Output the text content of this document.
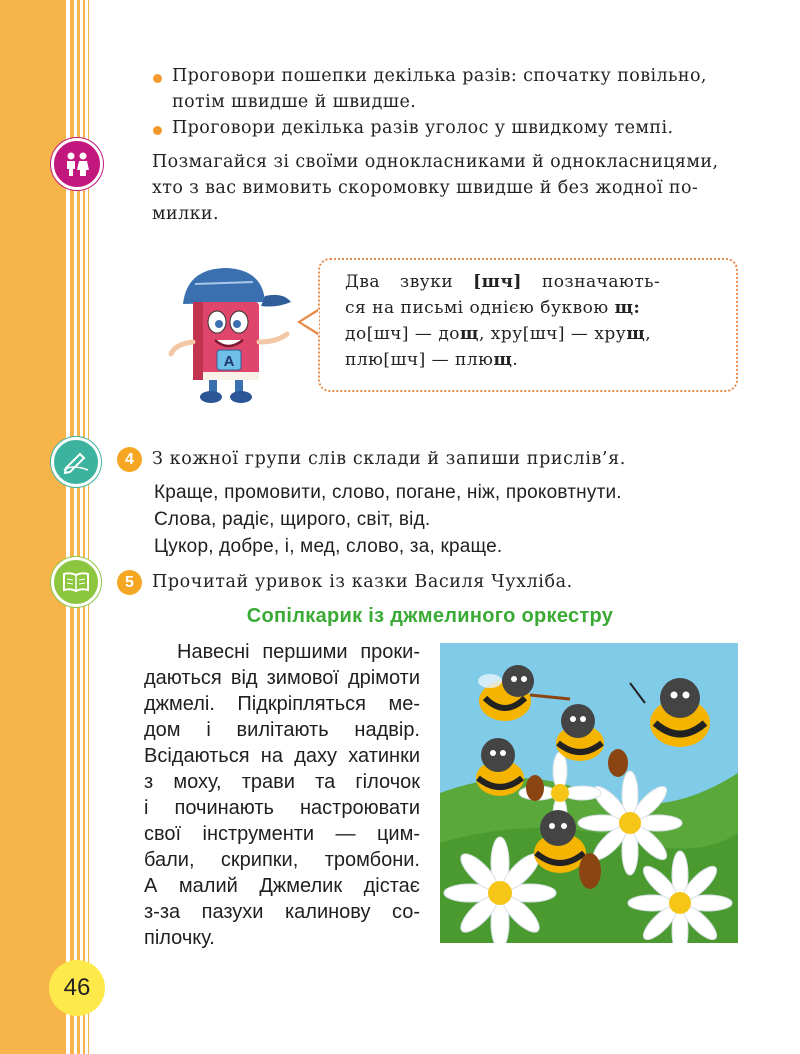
Проговори пошепки декілька разів: спочатку повільно,
потім швидше й швидше.
Проговори декілька разів уголос у швидкому темпі.
Позмагайся зі своїми однокласниками й однокласницями,
хто з вас вимовить скоромовку швидше й без жодної по-
милки.
А
Два звуки [шч] позначають-
ся на письмі однією буквою щ:
до[шч] — дощ, хру[шч] — хрущ,
плю[шч] — плющ.
4	З кожної групи слів склади й запиши прислів’я.
Краще, промовити, слово, погане, ніж, проковтнути.
Слова, радіє, щирого, світ, від.
Цукор, добре, і, мед, слово, за, краще.
5	Прочитай уривок із казки Василя Чухліба.
Сопілкарик із джмелиного оркестру
Навесні першими проки-
даються від зимової дрімоти
джмелі. Підкріпляться ме-
дом і вилітають надвір.
Всідаються на даху хатинки
з моху, трави та гілочок
і починають настроювати
свої інструменти — цим-
бали, скрипки, тромбони.
А малий Джмелик дістає
з-за пазухи калинову со-
пілочку.
46
